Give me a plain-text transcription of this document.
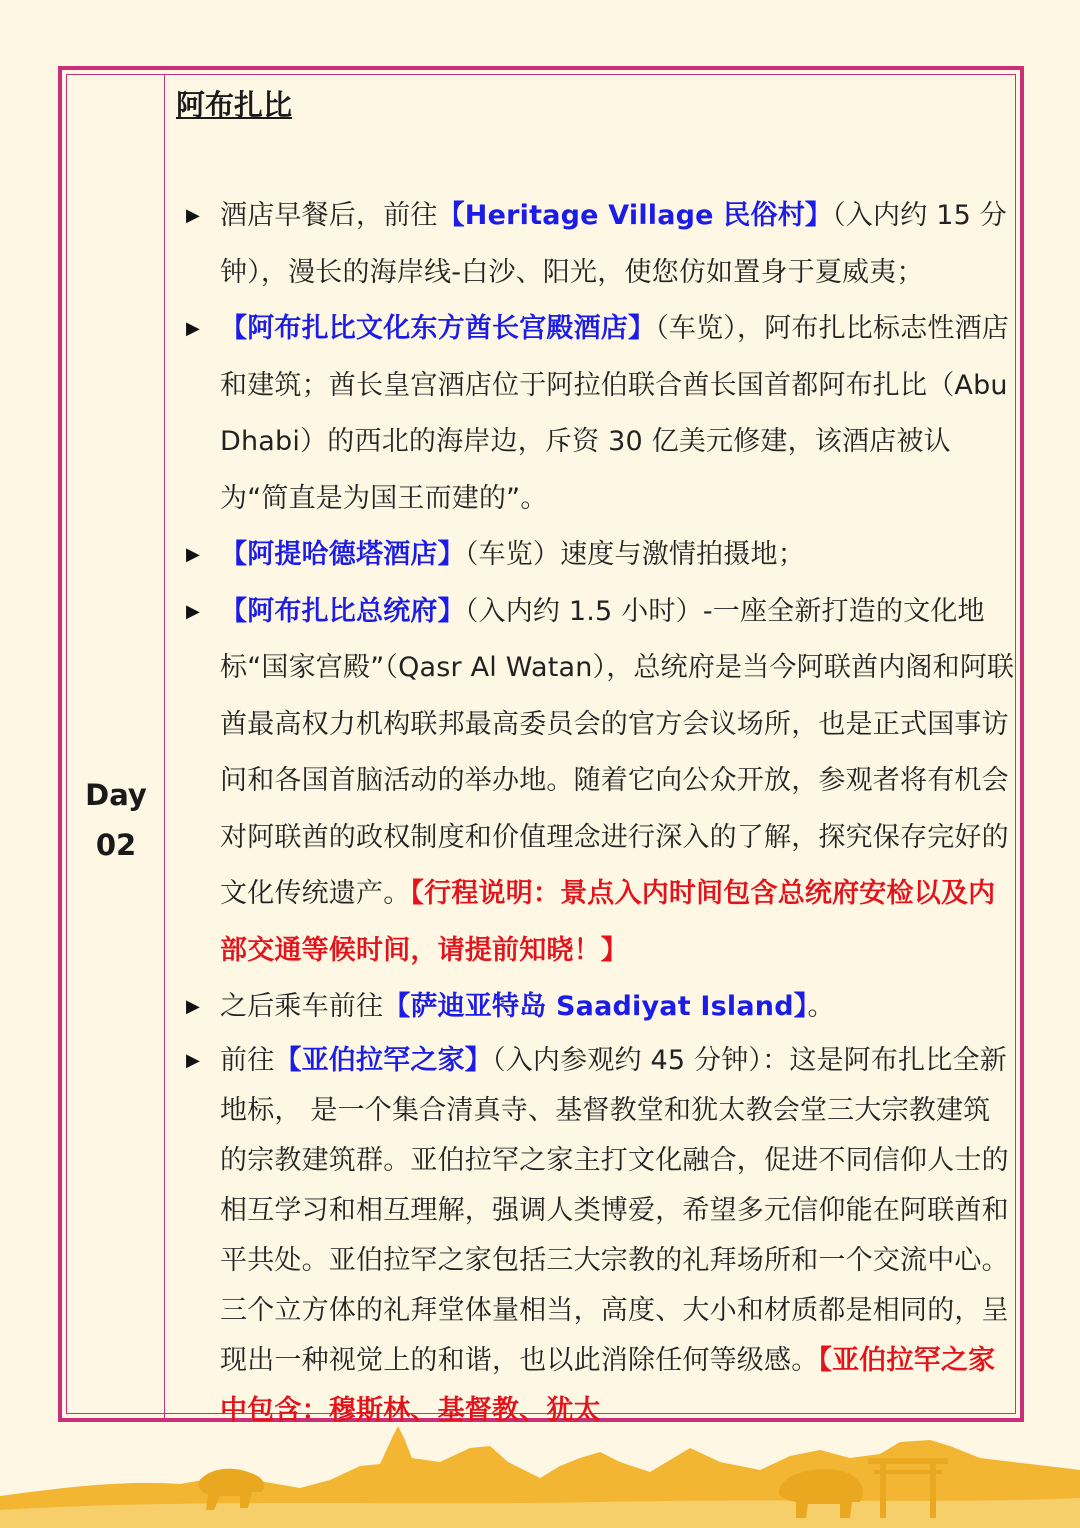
Day
02
阿布扎比

▶ 酒店早餐后，前往【Heritage Village 民俗村】（入内约 15 分钟），漫长的海岸线-白沙、阳光，使您仿如置身于夏威夷；

▶ 【阿布扎比文化东方酋长宫殿酒店】（车览），阿布扎比标志性酒店和建筑；酋长皇宫酒店位于阿拉伯联合酋长国首都阿布扎比（Abu Dhabi）的西北的海岸边，斥资 30 亿美元修建，该酒店被认为“简直是为国王而建的”。

▶ 【阿提哈德塔酒店】（车览）速度与激情拍摄地；

▶ 【阿布扎比总统府】（入内约 1.5 小时）-一座全新打造的文化地标“国家宫殿”（Qasr Al Watan），总统府是当今阿联酋内阁和阿联酋最高权力机构联邦最高委员会的官方会议场所，也是正式国事访问和各国首脑活动的举办地。随着它向公众开放，参观者将有机会对阿联酋的政权制度和价值理念进行深入的了解，探究保存完好的文化传统遗产。【行程说明：景点入内时间包含总统府安检以及内部交通等候时间，请提前知晓！】

▶ 之后乘车前往【萨迪亚特岛 Saadiyat Island】。

▶ 前往【亚伯拉罕之家】（入内参观约 45 分钟）：这是阿布扎比全新地标， 是一个集合清真寺、基督教堂和犹太教会堂三大宗教建筑的宗教建筑群。亚伯拉罕之家主打文化融合，促进不同信仰人士的相互学习和相互理解，强调人类博爱，希望多元信仰能在阿联酋和平共处。亚伯拉罕之家包括三大宗教的礼拜场所和一个交流中心。三个立方体的礼拜堂体量相当，高度、大小和材质都是相同的，呈现出一种视觉上的和谐，也以此消除任何等级感。【亚伯拉罕之家中包含：穆斯林、基督教、犹太
